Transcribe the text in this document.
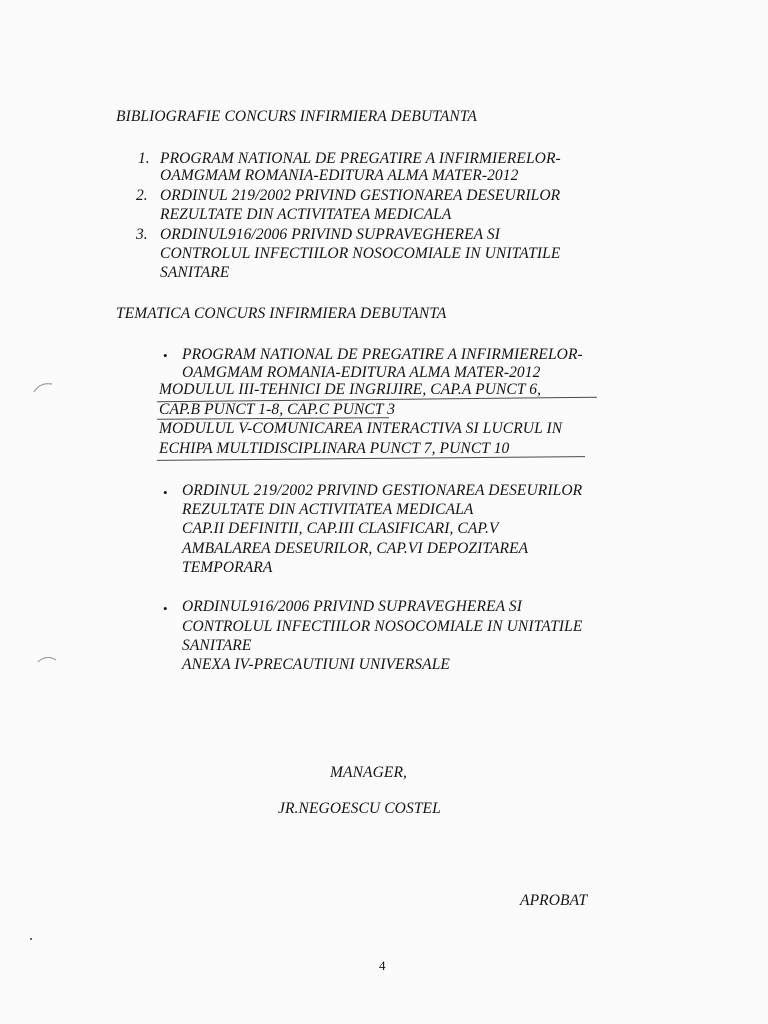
BIBLIOGRAFIE CONCURS INFIRMIERA DEBUTANTA
1. PROGRAM NATIONAL DE PREGATIRE A INFIRMIERELOR-
OAMGMAM ROMANIA-EDITURA ALMA MATER-2012
2. ORDINUL 219/2002 PRIVIND GESTIONAREA DESEURILOR
REZULTATE DIN ACTIVITATEA MEDICALA
3. ORDINUL916/2006 PRIVIND SUPRAVEGHEREA SI
CONTROLUL INFECTIILOR NOSOCOMIALE IN UNITATILE
SANITARE
TEMATICA CONCURS INFIRMIERA DEBUTANTA
• PROGRAM NATIONAL DE PREGATIRE A INFIRMIERELOR-
OAMGMAM ROMANIA-EDITURA ALMA MATER-2012
MODULUL III-TEHNICI DE INGRIJIRE, CAP.A PUNCT 6,
CAP.B PUNCT 1-8, CAP.C PUNCT 3
MODULUL V-COMUNICAREA INTERACTIVA SI LUCRUL IN
ECHIPA MULTIDISCIPLINARA PUNCT 7, PUNCT 10
• ORDINUL 219/2002 PRIVIND GESTIONAREA DESEURILOR
REZULTATE DIN ACTIVITATEA MEDICALA
CAP.II DEFINITII, CAP.III CLASIFICARI, CAP.V
AMBALAREA DESEURILOR, CAP.VI DEPOZITAREA
TEMPORARA
• ORDINUL916/2006 PRIVIND SUPRAVEGHEREA SI
CONTROLUL INFECTIILOR NOSOCOMIALE IN UNITATILE
SANITARE
ANEXA IV-PRECAUTIUNI UNIVERSALE
MANAGER,
JR.NEGOESCU COSTEL
APROBAT
4
